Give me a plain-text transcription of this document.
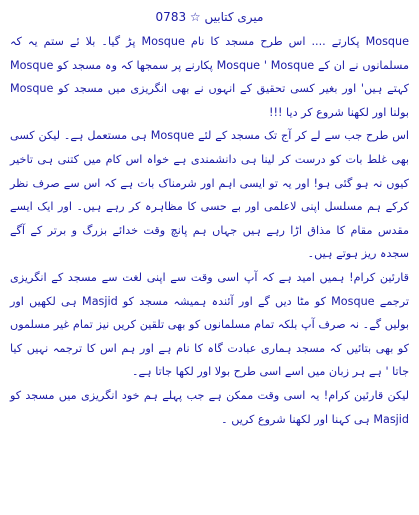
میری کتابیں ☆ 0783

Mosque پکارتے .... اس طرح مسجد کا نام Mosque پڑ گیا۔ بلا ئے ستم یہ کہ مسلمانوں نے ان کے Mosque ' Mosque پکارنے پر سمجھا کہ وہ مسجد کو Mosque کہتے ہیں' اور بغیر کسی تحقیق کے انہوں نے بھی انگریزی میں مسجد کو Mosque بولنا اور لکھنا شروع کر دیا !!!

اس طرح جب سے لے کر آج تک مسجد کے لئے Mosque ہی مستعمل ہے۔ لیکن کسی بھی غلط بات کو درست کر لینا ہی دانشمندی ہے خواہ اس کام میں کتنی ہی تاخیر کیوں نہ ہو گئی ہو! اور یہ تو ایسی اہم اور شرمناک بات ہے کہ اس سے صرف نظر کرکے ہم مسلسل اپنی لاعلمی اور بے حسی کا مظاہرہ کر رہے ہیں۔ اور ایک ایسے مقدس مقام کا مذاق اڑا رہے ہیں جہاں ہم پانچ وقت خدائے بزرگ و برتر کے آگے سجدہ ریز ہوتے ہیں۔

قارئین کرام! ہمیں امید ہے کہ آپ اسی وقت سے اپنی لغت سے مسجد کے انگریزی ترجمے Mosque کو مٹا دیں گے اور آئندہ ہمیشہ مسجد کو Masjid ہی لکھیں اور بولیں گے۔ نہ صرف آپ بلکہ تمام مسلمانوں کو بھی تلقین کریں نیز تمام غیر مسلموں کو بھی بتائیں کہ مسجد ہماری عبادت گاہ کا نام ہے اور ہم اس کا ترجمہ نہیں کیا جاتا ' ہے ہر زبان میں اسے اسی طرح بولا اور لکھا جاتا ہے۔

لیکن قارئین کرام! یہ اسی وقت ممکن ہے جب پہلے ہم خود انگریزی میں مسجد کو Masjid ہی کہنا اور لکھنا شروع کریں ۔
